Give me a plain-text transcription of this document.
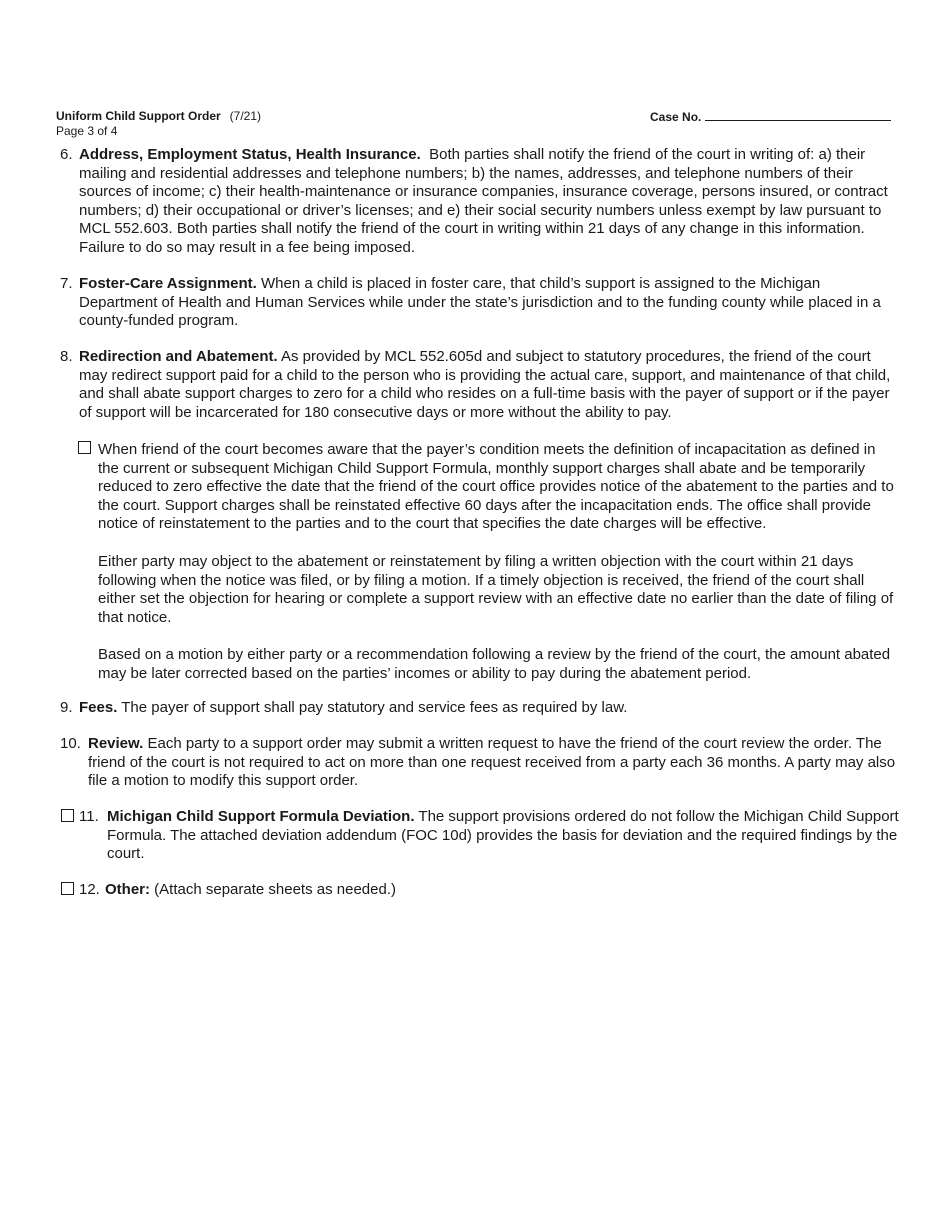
Uniform Child Support Order (7/21)
Page 3 of 4
Case No.
6. Address, Employment Status, Health Insurance. Both parties shall notify the friend of the court in writing of: a) their mailing and residential addresses and telephone numbers; b) the names, addresses, and telephone numbers of their sources of income; c) their health-maintenance or insurance companies, insurance coverage, persons insured, or contract numbers; d) their occupational or driver’s licenses; and e) their social security numbers unless exempt by law pursuant to MCL 552.603. Both parties shall notify the friend of the court in writing within 21 days of any change in this information. Failure to do so may result in a fee being imposed.
7. Foster-Care Assignment. When a child is placed in foster care, that child’s support is assigned to the Michigan Department of Health and Human Services while under the state’s jurisdiction and to the funding county while placed in a county-funded program.
8. Redirection and Abatement. As provided by MCL 552.605d and subject to statutory procedures, the friend of the court may redirect support paid for a child to the person who is providing the actual care, support, and maintenance of that child, and shall abate support charges to zero for a child who resides on a full-time basis with the payer of support or if the payer of support will be incarcerated for 180 consecutive days or more without the ability to pay.
When friend of the court becomes aware that the payer’s condition meets the definition of incapacitation as defined in the current or subsequent Michigan Child Support Formula, monthly support charges shall abate and be temporarily reduced to zero effective the date that the friend of the court office provides notice of the abatement to the parties and to the court. Support charges shall be reinstated effective 60 days after the incapacitation ends. The office shall provide notice of reinstatement to the parties and to the court that specifies the date charges will be effective.
Either party may object to the abatement or reinstatement by filing a written objection with the court within 21 days following when the notice was filed, or by filing a motion. If a timely objection is received, the friend of the court shall either set the objection for hearing or complete a support review with an effective date no earlier than the date of filing of that notice.
Based on a motion by either party or a recommendation following a review by the friend of the court, the amount abated may be later corrected based on the parties’ incomes or ability to pay during the abatement period.
9. Fees. The payer of support shall pay statutory and service fees as required by law.
10. Review. Each party to a support order may submit a written request to have the friend of the court review the order. The friend of the court is not required to act on more than one request received from a party each 36 months. A party may also file a motion to modify this support order.
11. Michigan Child Support Formula Deviation. The support provisions ordered do not follow the Michigan Child Support Formula. The attached deviation addendum (FOC 10d) provides the basis for deviation and the required findings by the court.
12. Other: (Attach separate sheets as needed.)
